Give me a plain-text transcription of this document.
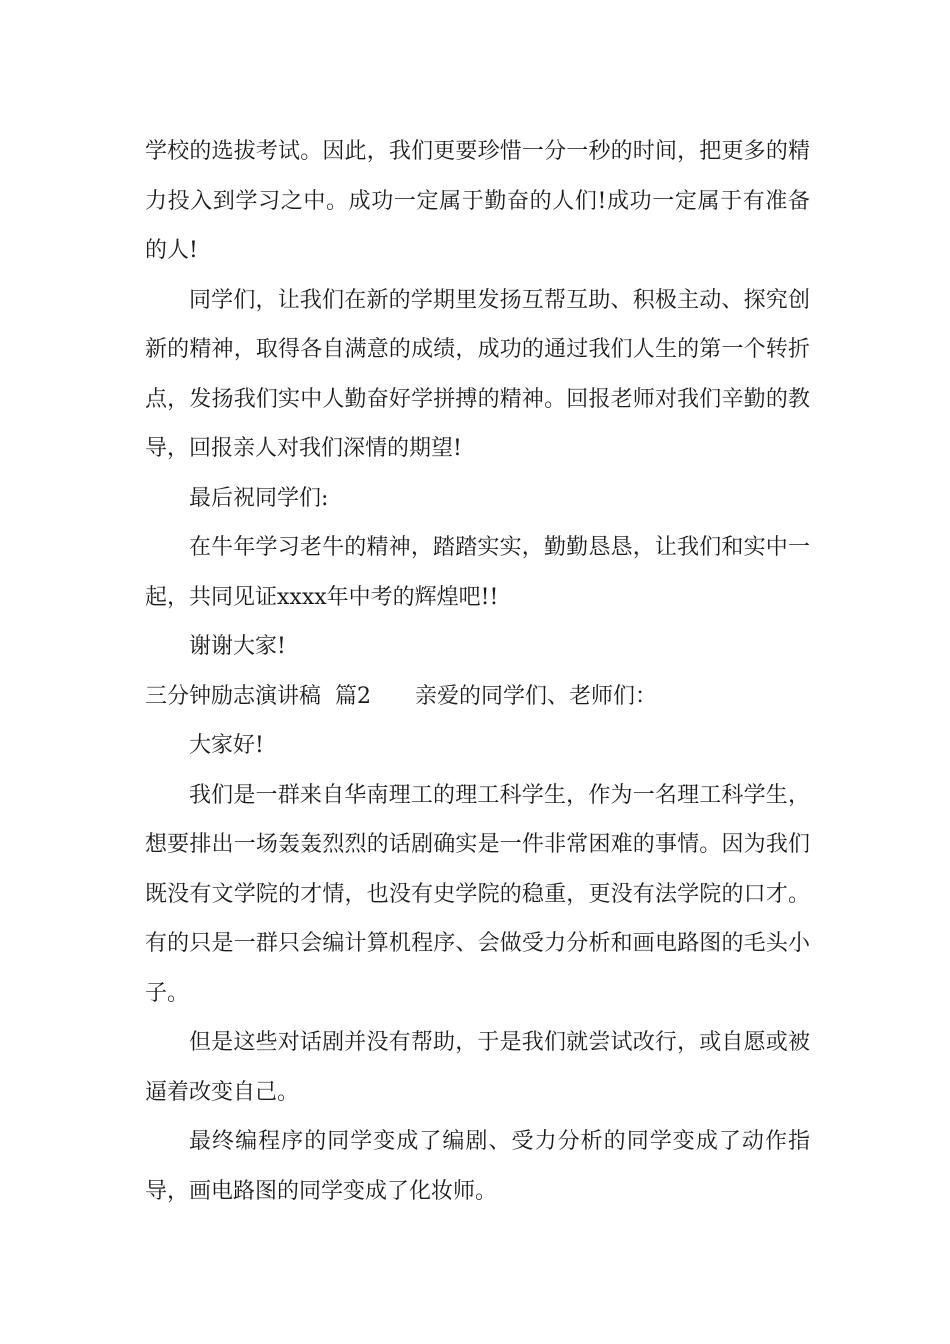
学校的选拔考试。因此，我们更要珍惜一分一秒的时间，把更多的精力投入到学习之中。成功一定属于勤奋的人们!成功一定属于有准备的人!

同学们，让我们在新的学期里发扬互帮互助、积极主动、探究创新的精神，取得各自满意的成绩，成功的通过我们人生的第一个转折点，发扬我们实中人勤奋好学拼搏的精神。回报老师对我们辛勤的教导，回报亲人对我们深情的期望!

最后祝同学们:

在牛年学习老牛的精神，踏踏实实，勤勤恳恳，让我们和实中一起，共同见证xxxx年中考的辉煌吧!!

谢谢大家!

三分钟励志演讲稿  篇2 亲爱的同学们、老师们：

大家好!

我们是一群来自华南理工的理工科学生，作为一名理工科学生，想要排出一场轰轰烈烈的话剧确实是一件非常困难的事情。因为我们既没有文学院的才情，也没有史学院的稳重，更没有法学院的口才。有的只是一群只会编计算机程序、会做受力分析和画电路图的毛头小子。

但是这些对话剧并没有帮助，于是我们就尝试改行，或自愿或被逼着改变自己。

最终编程序的同学变成了编剧、受力分析的同学变成了动作指导，画电路图的同学变成了化妆师。
